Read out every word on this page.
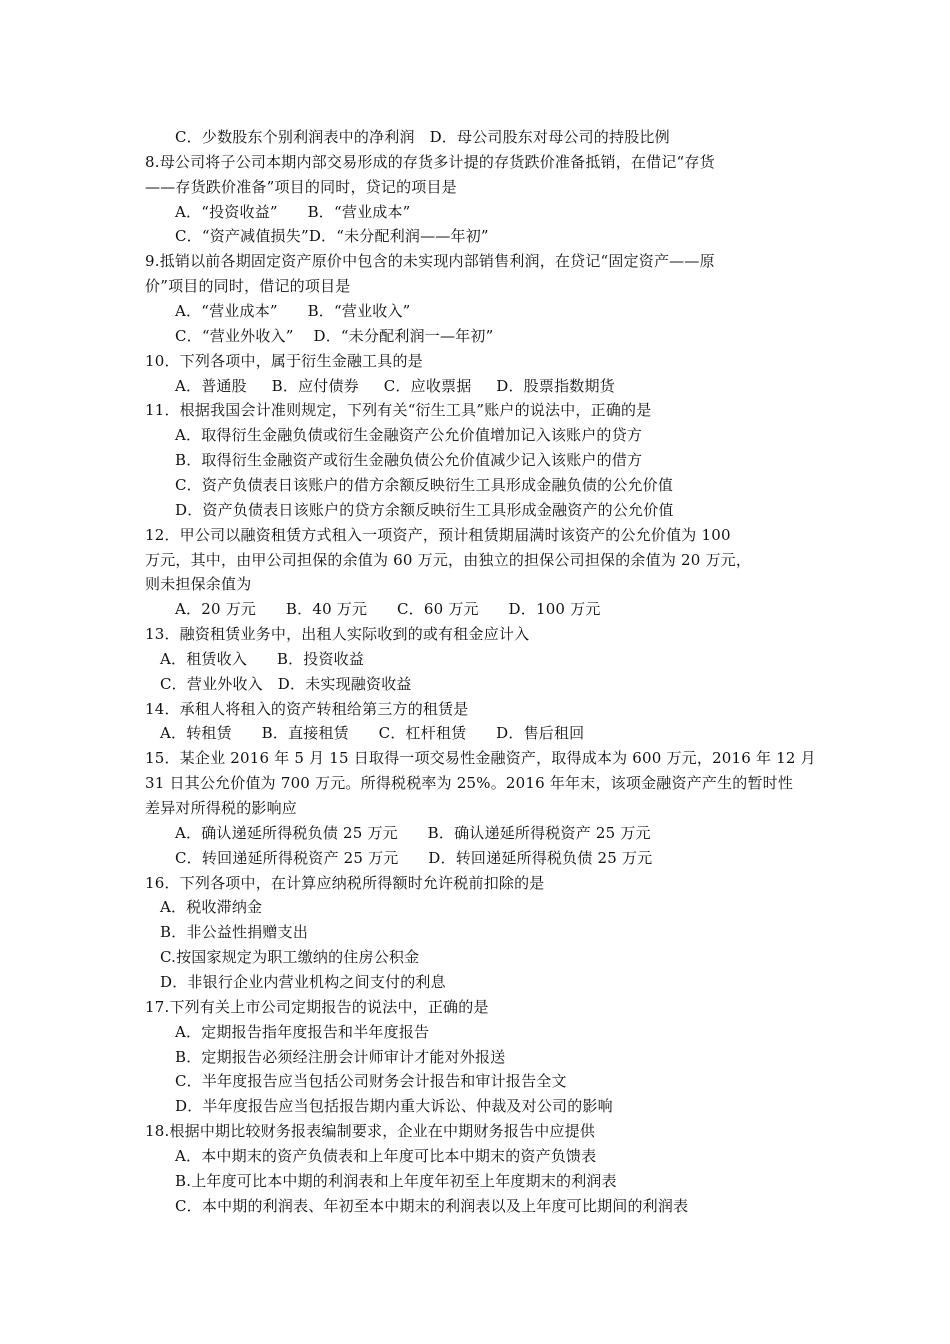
C．少数股东个别利润表中的净利润   D．母公司股东对母公司的持股比例
8.母公司将子公司本期内部交易形成的存货多计提的存货跌价准备抵销，在借记“存货
——存货跌价准备”项目的同时，贷记的项目是
A．“投资收益”      B．“营业成本”
C．“资产减值损失”D．“未分配利润——年初”
9.抵销以前各期固定资产原价中包含的未实现内部销售利润，在贷记“固定资产——原
价”项目的同时，借记的项目是
A．“营业成本”      B．“营业收入”
C．“营业外收入”    D．“未分配利润一—年初”
10．下列各项中，属于衍生金融工具的是
A．普通股     B．应付债券     C．应收票据     D．股票指数期货
11．根据我国会计准则规定，下列有关“衍生工具”账户的说法中，正确的是
A．取得衍生金融负债或衍生金融资产公允价值增加记入该账户的贷方
B．取得衍生金融资产或衍生金融负债公允价值减少记入该账户的借方
C．资产负债表日该账户的借方余额反映衍生工具形成金融负债的公允价值
D．资产负债表日该账户的贷方余额反映衍生工具形成金融资产的公允价值
12．甲公司以融资租赁方式租入一项资产，预计租赁期届满时该资产的公允价值为 100
万元，其中，由甲公司担保的余值为 60 万元，由独立的担保公司担保的余值为 20 万元，
则未担保余值为
A．20 万元      B．40 万元      C．60 万元      D．100 万元
13．融资租赁业务中，出租人实际收到的或有租金应计入
A．租赁收入      B．投资收益
C．营业外收入   D．未实现融资收益
14．承租人将租入的资产转租给第三方的租赁是
A．转租赁      B．直接租赁      C．杠杆租赁      D．售后租回
15．某企业 2016 年 5 月 15 日取得一项交易性金融资产，取得成本为 600 万元，2016 年 12 月
31 日其公允价值为 700 万元。所得税税率为 25%。2016 年年末，该项金融资产产生的暂时性
差异对所得税的影响应
A．确认递延所得税负债 25 万元      B．确认递延所得税资产 25 万元
C．转回递延所得税资产 25 万元      D．转回递延所得税负债 25 万元
16．下列各项中，在计算应纳税所得额时允许税前扣除的是
A．税收滞纳金
B．非公益性捐赠支出
C.按国家规定为职工缴纳的住房公积金
D．非银行企业内营业机构之间支付的利息
17.下列有关上市公司定期报告的说法中，正确的是
A．定期报告指年度报告和半年度报告
B．定期报告必须经注册会计师审计才能对外报送
C．半年度报告应当包括公司财务会计报告和审计报告全文
D．半年度报告应当包括报告期内重大诉讼、仲裁及对公司的影响
18.根据中期比较财务报表编制要求，企业在中期财务报告中应提供
A．本中期末的资产负债表和上年度可比本中期末的资产负馈表
B.上年度可比本中期的利润表和上年度年初至上年度期末的利润表
C．本中期的利润表、年初至本中期末的利润表以及上年度可比期间的利润表
